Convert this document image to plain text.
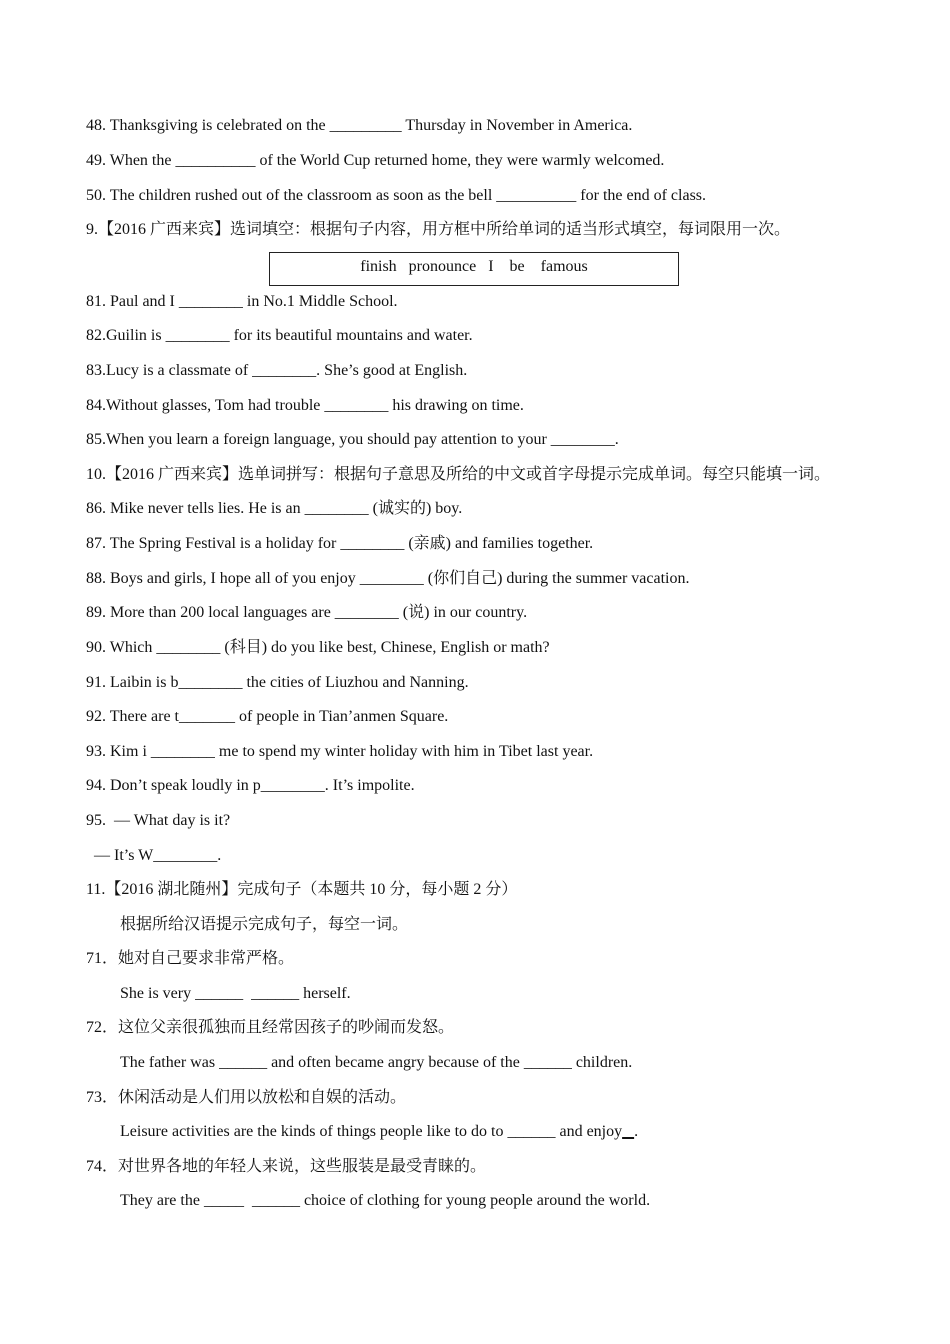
48. Thanksgiving is celebrated on the _________ Thursday in November in America.
49. When the __________ of the World Cup returned home, they were warmly welcomed.
50. The children rushed out of the classroom as soon as the bell __________ for the end of class.
9.【2016 广西来宾】选词填空：根据句子内容，用方框中所给单词的适当形式填空，每词限用一次。
finish   pronounce   I    be    famous
81. Paul and I ________ in No.1 Middle School.
82.Guilin is ________ for its beautiful mountains and water.
83.Lucy is a classmate of ________. She’s good at English.
84.Without glasses, Tom had trouble ________ his drawing on time.
85.When you learn a foreign language, you should pay attention to your ________.
10.【2016 广西来宾】选单词拼写：根据句子意思及所给的中文或首字母提示完成单词。每空只能填一词。
86. Mike never tells lies. He is an ________ (诚实的) boy.
87. The Spring Festival is a holiday for ________ (亲戚) and families together.
88. Boys and girls, I hope all of you enjoy ________ (你们自己) during the summer vacation.
89. More than 200 local languages are ________ (说) in our country.
90. Which ________ (科目) do you like best, Chinese, English or math?
91. Laibin is b________ the cities of Liuzhou and Nanning.
92. There are t_______ of people in Tian’anmen Square.
93. Kim i ________ me to spend my winter holiday with him in Tibet last year.
94. Don’t speak loudly in p________. It’s impolite.
95.  — What day is it?
— It’s W________.
11.【2016 湖北随州】完成句子（本题共 10 分，每小题 2 分）
根据所给汉语提示完成句子，每空一词。
71．她对自己要求非常严格。
She is very ______  ______ herself.
72．这位父亲很孤独而且经常因孩子的吵闹而发怒。
The father was ______ and often became angry because of the ______ children.
73．休闲活动是人们用以放松和自娱的活动。
Leisure activities are the kinds of things people like to do to ______ and enjoy .
74．对世界各地的年轻人来说，这些服装是最受青睐的。
They are the _____  ______ choice of clothing for young people around the world.
